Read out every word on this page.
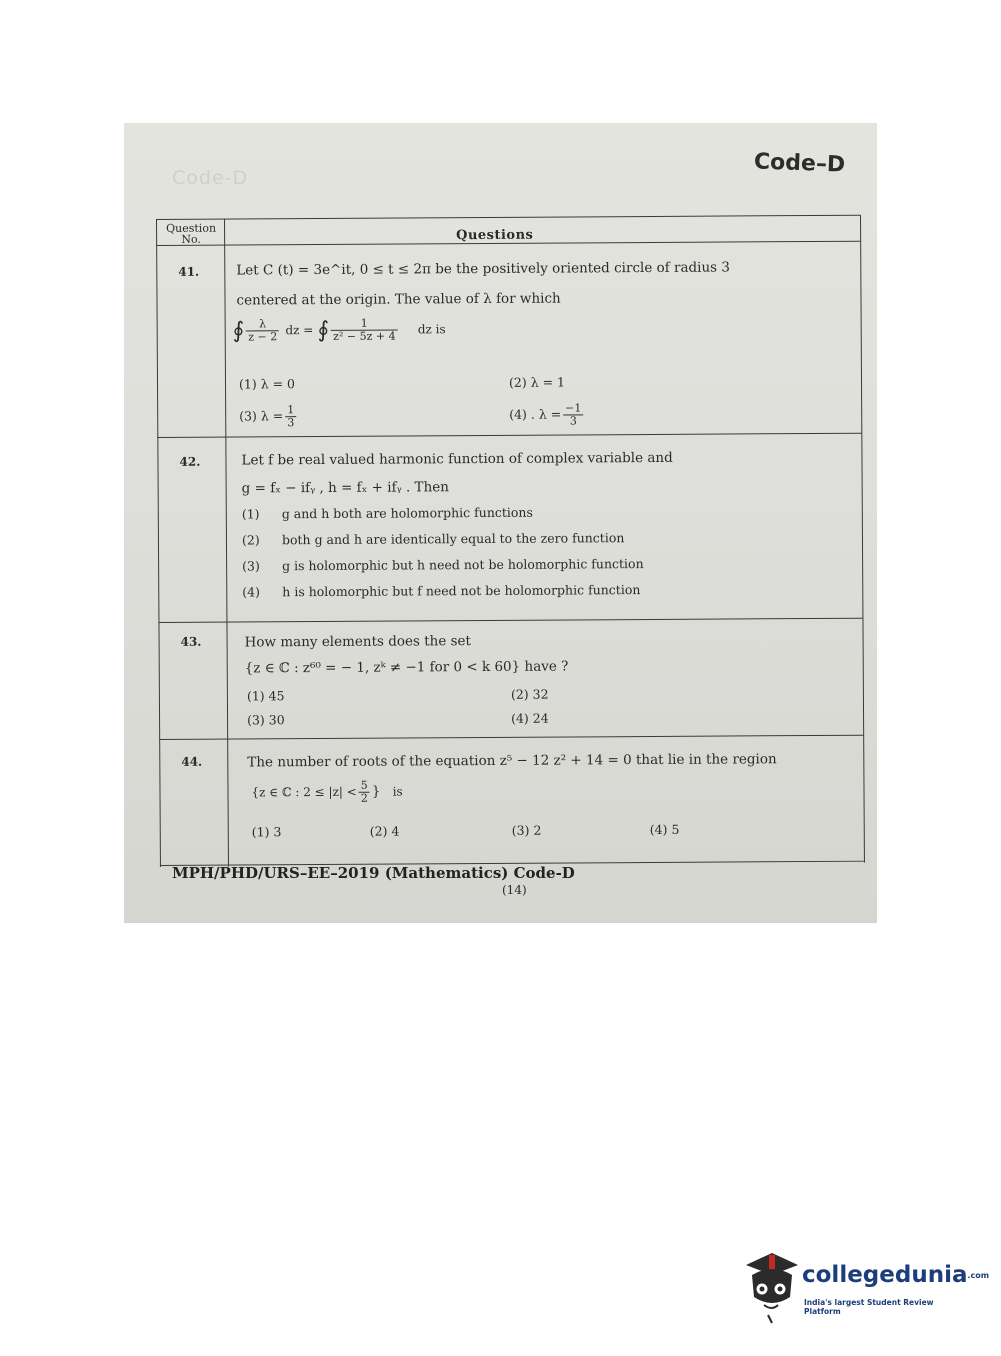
Code-D
Code–D
Question
No.	Questions
41.	Let C (t) = 3e^it, 0 ≤ t ≤ 2π be the positively oriented circle of radius 3
centered at the origin. The value of λ for which
∮ $\frac{\lambda}{z - 2}$ dz = ∮ $\frac{1}{\text{z² − 5z + 4}}$ dz is
(1) λ = 0	(2) λ = 1
(3) $\lambda = \frac{1}{3}$	(4) . $\lambda = \frac{-1}{3}$
42.	Let f be real valued harmonic function of complex variable and
g = fₓ − ifᵧ , h = fₓ + ifᵧ . Then
(1) g and h both are holomorphic functions
(2) both g and h are identically equal to the zero function
(3) g is holomorphic but h need not be holomorphic function
(4) h is holomorphic but f need not be holomorphic function
43.	How many elements does the set
{z ∈ ℂ : z⁶⁰ = − 1, zᵏ ≠ −1 for 0 < k 60} have ?
(1) 45	(2) 32
(3) 30	(4) 24
44.	The number of roots of the equation z⁵ − 12 z² + 14 = 0 that lie in the region
{z ∈ ℂ : $2 \le |z| < \frac{5}{2}$ } is
(1) 3	(2) 4	(3) 2	(4) 5
MPH/PHD/URS–EE–2019 (Mathematics) Code-D
(14)
collegedunia.com
India's largest Student Review Platform
